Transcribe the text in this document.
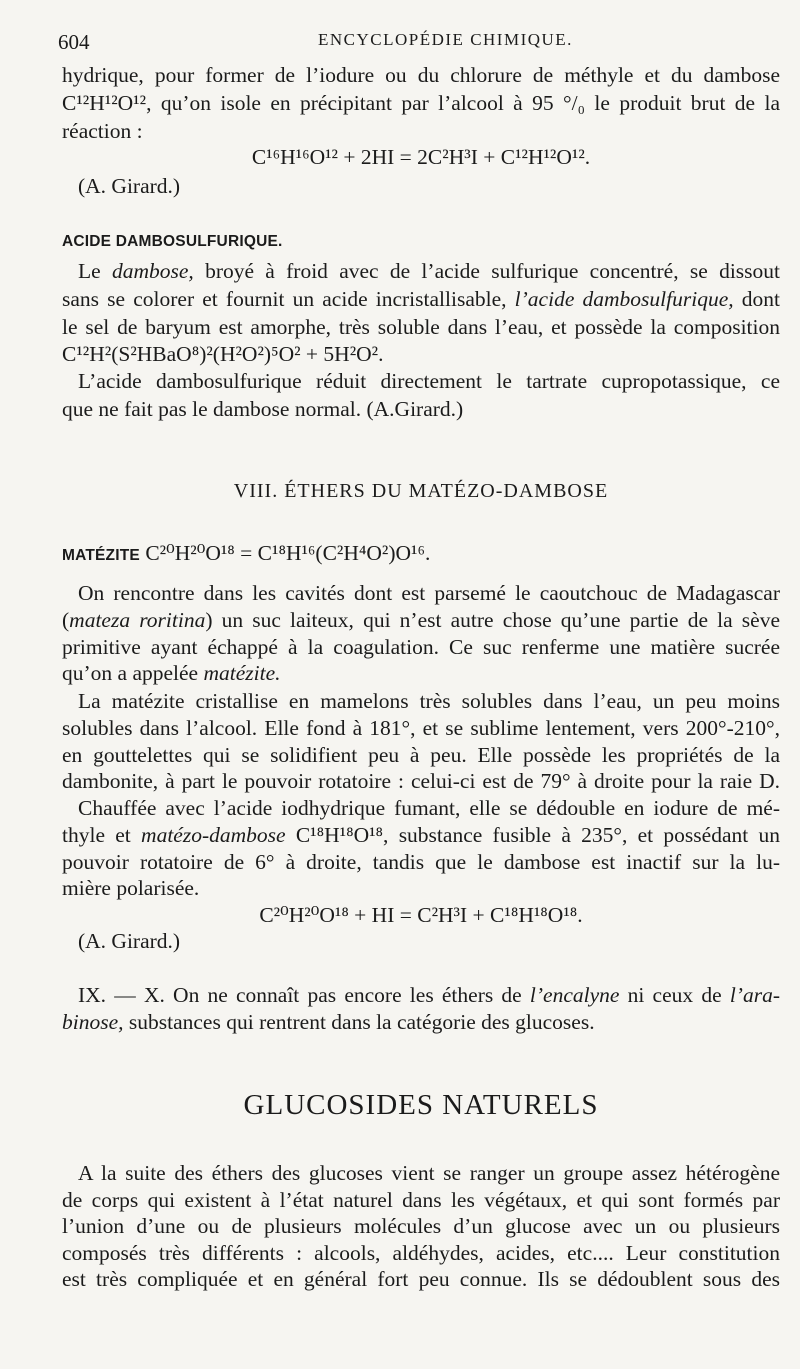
604	ENCYCLOPÉDIE CHIMIQUE.
hydrique, pour former de l’iodure ou du chlorure de méthyle et du dambose
C¹²H¹²O¹², qu’on isole en précipitant par l’alcool à 95 °/₀ le produit brut de la
réaction :
C¹⁶H¹⁶O¹² + 2HI = 2C²H³I + C¹²H¹²O¹².
(A. Girard.)
ACIDE DAMBOSULFURIQUE.
Le dambose, broyé à froid avec de l’acide sulfurique concentré, se dissout
sans se colorer et fournit un acide incristallisable, l’acide dambosulfurique, dont
le sel de baryum est amorphe, très soluble dans l’eau, et possède la composition
C¹²H²(S²HBaO⁸)²(H²O²)⁵O² + 5H²O².
L’acide dambosulfurique réduit directement le tartrate cupropotassique, ce
que ne fait pas le dambose normal. (A.Girard.)
VIII. ÉTHERS DU MATÉZO-DAMBOSE
MATÉZITE C²⁰H²⁰O¹⁸ = C¹⁸H¹⁶(C²H⁴O²)O¹⁶.
On rencontre dans les cavités dont est parsemé le caoutchouc de Madagascar
(mateza roritina) un suc laiteux, qui n’est autre chose qu’une partie de la sève
primitive ayant échappé à la coagulation. Ce suc renferme une matière sucrée
qu’on a appelée matézite.
La matézite cristallise en mamelons très solubles dans l’eau, un peu moins
solubles dans l’alcool. Elle fond à 181°, et se sublime lentement, vers 200°-210°,
en gouttelettes qui se solidifient peu à peu. Elle possède les propriétés de la
dambonite, à part le pouvoir rotatoire : celui-ci est de 79° à droite pour la raie D.
Chauffée avec l’acide iodhydrique fumant, elle se dédouble en iodure de mé-
thyle et matézo-dambose C¹⁸H¹⁸O¹⁸, substance fusible à 235°, et possédant un
pouvoir rotatoire de 6° à droite, tandis que le dambose est inactif sur la lu-
mière polarisée.
C²⁰H²⁰O¹⁸ + HI = C²H³I + C¹⁸H¹⁸O¹⁸.
(A. Girard.)
IX. — X. On ne connaît pas encore les éthers de l’encalyne ni ceux de l’ara-
binose, substances qui rentrent dans la catégorie des glucoses.
GLUCOSIDES NATURELS
A la suite des éthers des glucoses vient se ranger un groupe assez hétérogène
de corps qui existent à l’état naturel dans les végétaux, et qui sont formés par
l’union d’une ou de plusieurs molécules d’un glucose avec un ou plusieurs
composés très différents : alcools, aldéhydes, acides, etc.... Leur constitution
est très compliquée et en général fort peu connue. Ils se dédoublent sous des
